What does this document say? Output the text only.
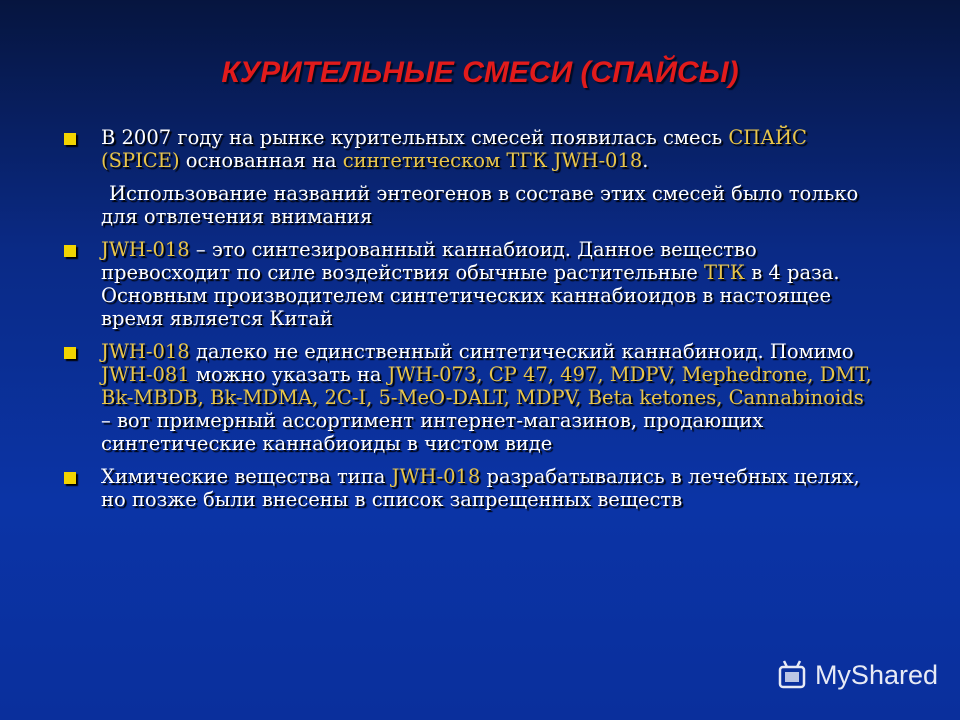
КУРИТЕЛЬНЫЕ СМЕСИ (СПАЙСЫ)

В 2007 году на рынке курительных смесей появилась смесь СПАЙС (SPICE) основанная на синтетическом ТГК JWH-018.

Использование названий энтеогенов в составе этих смесей было только для отвлечения внимания

JWH-018 – это синтезированный каннабиоид. Данное вещество превосходит по силе воздействия обычные растительные ТГК в 4 раза. Основным производителем синтетических каннабиоидов в настоящее время является Китай

JWH-018 далеко не единственный синтетический каннабиноид. Помимо JWH-081 можно указать на JWH-073, CP 47, 497, MDPV, Mephedrone, DMT, Bk-MBDB, Bk-MDMA, 2C-I, 5-MeO-DALT, MDPV, Beta ketones, Cannabinoids – вот примерный ассортимент интернет-магазинов, продающих синтетические каннабиоиды в чистом виде

Химические вещества типа JWH-018 разрабатывались в лечебных целях, но позже были внесены в список запрещенных веществ

MyShared
